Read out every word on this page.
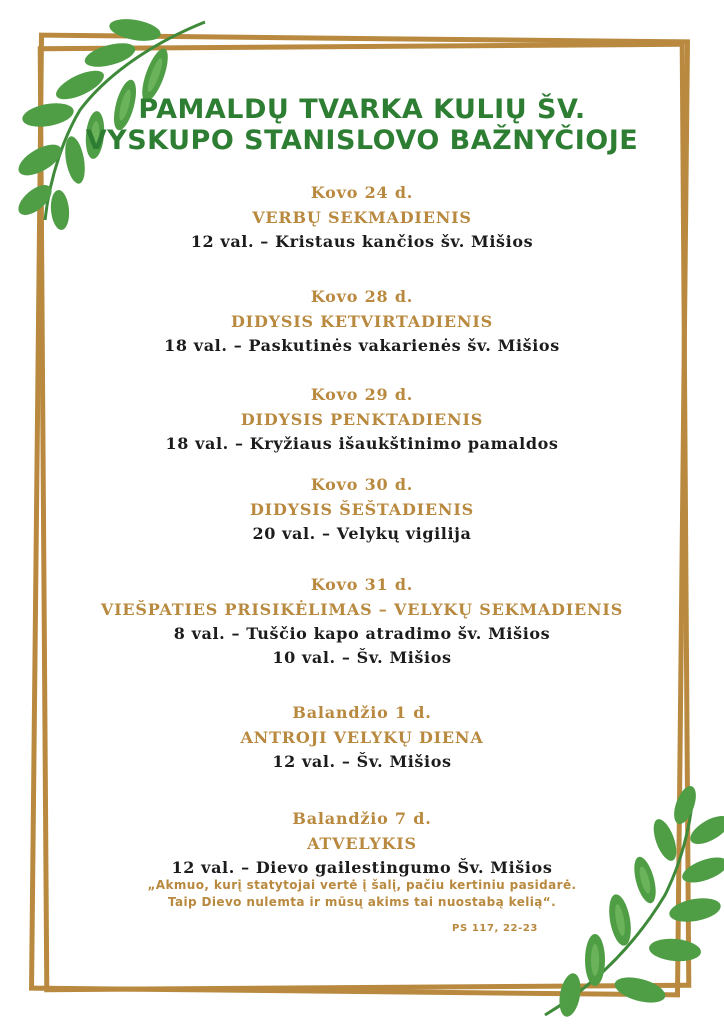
PAMALDŲ TVARKA KULIŲ ŠV.
VYSKUPO STANISLOVO BAŽNYČIOJE
Kovo 24 d.
VERBŲ SEKMADIENIS
12 val. – Kristaus kančios šv. Mišios
Kovo 28 d.
DIDYSIS KETVIRTADIENIS
18 val. – Paskutinės vakarienės šv. Mišios
Kovo 29 d.
DIDYSIS PENKTADIENIS
18 val. – Kryžiaus išaukštinimo pamaldos
Kovo 30 d.
DIDYSIS ŠEŠTADIENIS
20 val. – Velykų vigilija
Kovo 31 d.
VIEŠPATIES PRISIKĖLIMAS – VELYKŲ SEKMADIENIS
8 val. – Tuščio kapo atradimo šv. Mišios
10 val. – Šv. Mišios
Balandžio 1 d.
ANTROJI VELYKŲ DIENA
12 val. – Šv. Mišios
Balandžio 7 d.
ATVELYKIS
12 val. – Dievo gailestingumo Šv. Mišios
„Akmuo, kurį statytojai vertė į šalį, pačiu kertiniu pasidarė.
Taip Dievo nulemta ir mūsų akims tai nuostabą kelią“.
PS 117, 22-23
